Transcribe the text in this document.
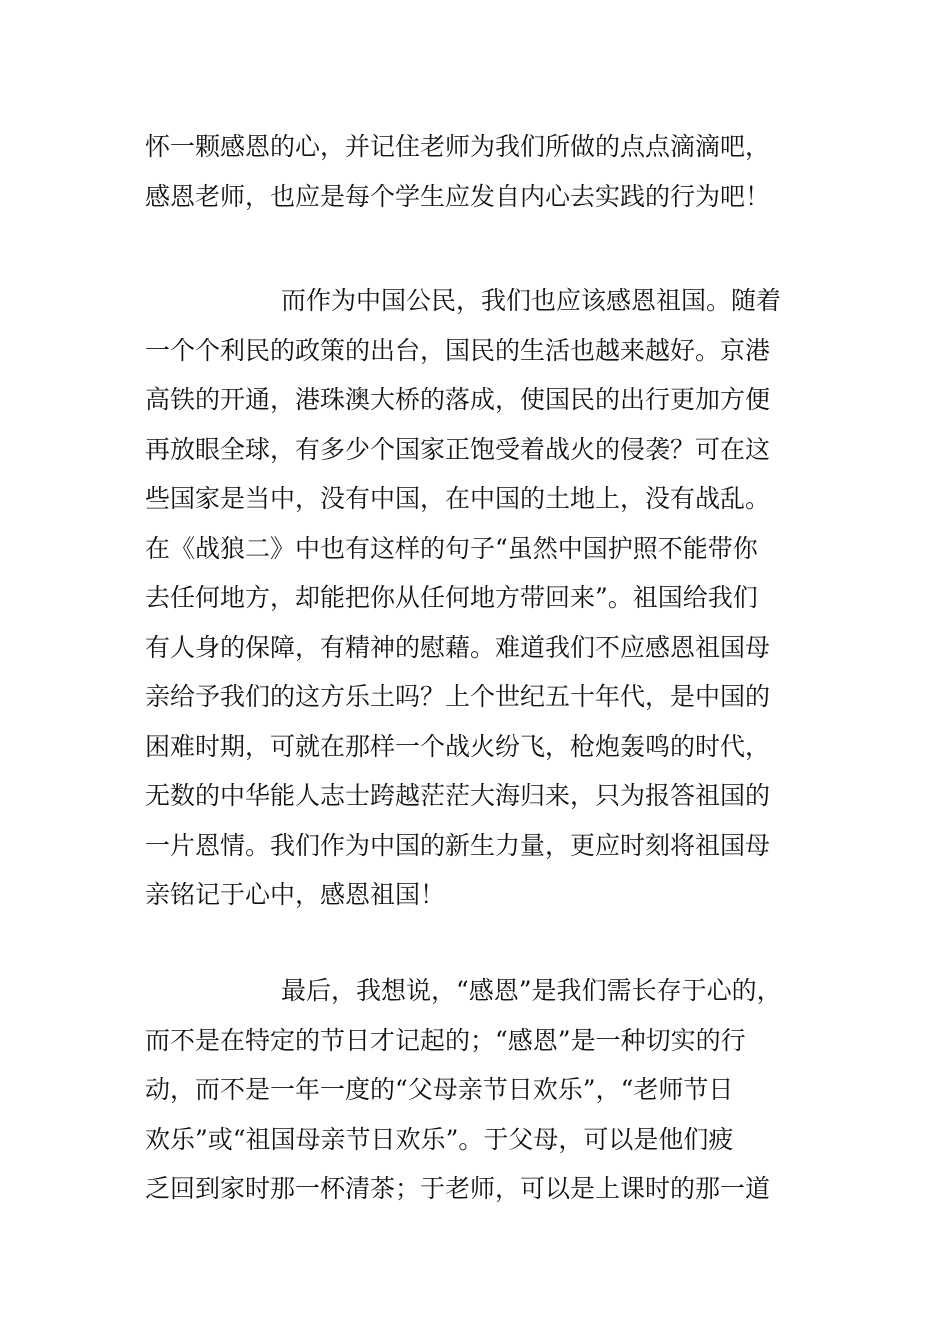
怀一颗感恩的心，并记住老师为我们所做的点点滴滴吧，
感恩老师，也应是每个学生应发自内心去实践的行为吧！
而作为中国公民，我们也应该感恩祖国。随着
一个个利民的政策的出台，国民的生活也越来越好。京港
高铁的开通，港珠澳大桥的落成，使国民的出行更加方便
再放眼全球，有多少个国家正饱受着战火的侵袭？可在这
些国家是当中，没有中国，在中国的土地上，没有战乱。
在《战狼二》中也有这样的句子“虽然中国护照不能带你
去任何地方，却能把你从任何地方带回来”。祖国给我们
有人身的保障，有精神的慰藉。难道我们不应感恩祖国母
亲给予我们的这方乐土吗？上个世纪五十年代，是中国的
困难时期，可就在那样一个战火纷飞，枪炮轰鸣的时代，
无数的中华能人志士跨越茫茫大海归来，只为报答祖国的
一片恩情。我们作为中国的新生力量，更应时刻将祖国母
亲铭记于心中，感恩祖国！
最后，我想说，“感恩”是我们需长存于心的，
而不是在特定的节日才记起的；“感恩”是一种切实的行
动，而不是一年一度的“父母亲节日欢乐”，“老师节日
欢乐”或“祖国母亲节日欢乐”。于父母，可以是他们疲
乏回到家时那一杯清茶；于老师，可以是上课时的那一道
